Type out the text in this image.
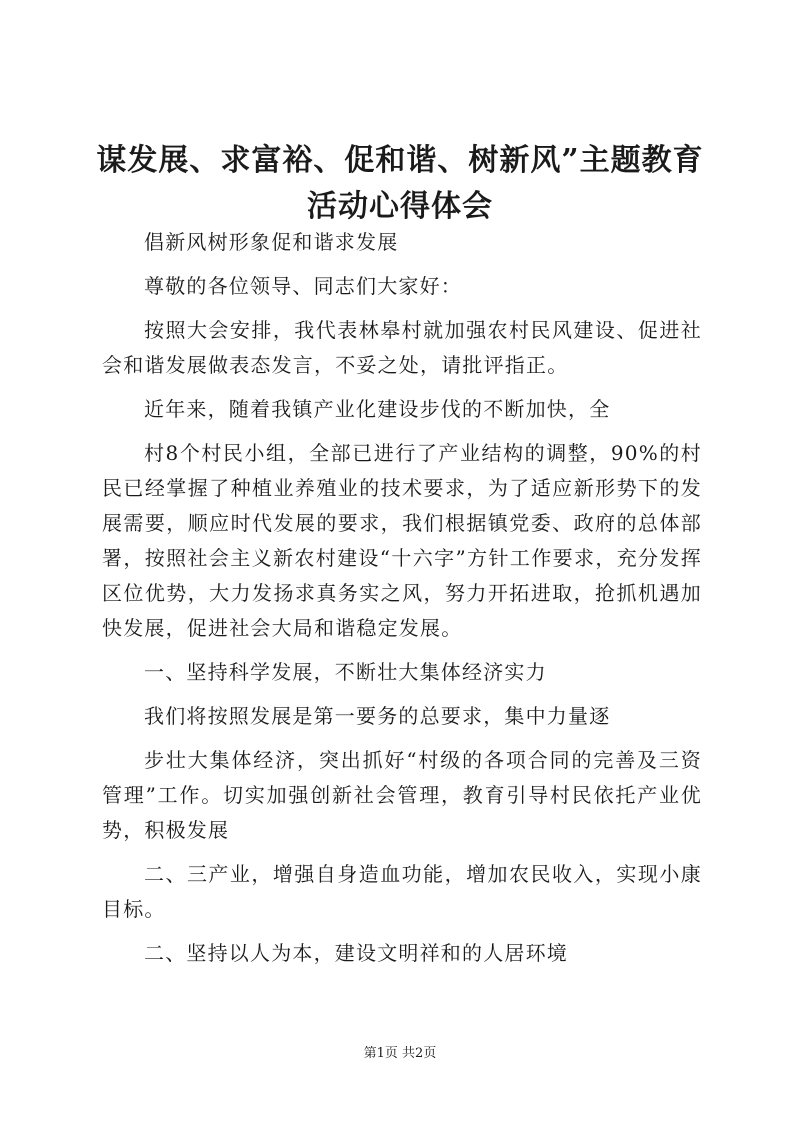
谋发展、求富裕、促和谐、树新风”主题教育
活动心得体会

倡新风树形象促和谐求发展

尊敬的各位领导、同志们大家好：

按照大会安排，我代表林皋村就加强农村民风建设、促进社会和谐发展做表态发言，不妥之处，请批评指正。

近年来，随着我镇产业化建设步伐的不断加快，全

村8个村民小组，全部已进行了产业结构的调整，90%的村民已经掌握了种植业养殖业的技术要求，为了适应新形势下的发展需要，顺应时代发展的要求，我们根据镇党委、政府的总体部署，按照社会主义新农村建设“十六字”方针工作要求，充分发挥区位优势，大力发扬求真务实之风，努力开拓进取，抢抓机遇加快发展，促进社会大局和谐稳定发展。

一、坚持科学发展，不断壮大集体经济实力

我们将按照发展是第一要务的总要求，集中力量逐

步壮大集体经济，突出抓好“村级的各项合同的完善及三资管理”工作。切实加强创新社会管理，教育引导村民依托产业优势，积极发展

二、三产业，增强自身造血功能，增加农民收入，实现小康目标。

二、坚持以人为本，建设文明祥和的人居环境

第1页 共2页
